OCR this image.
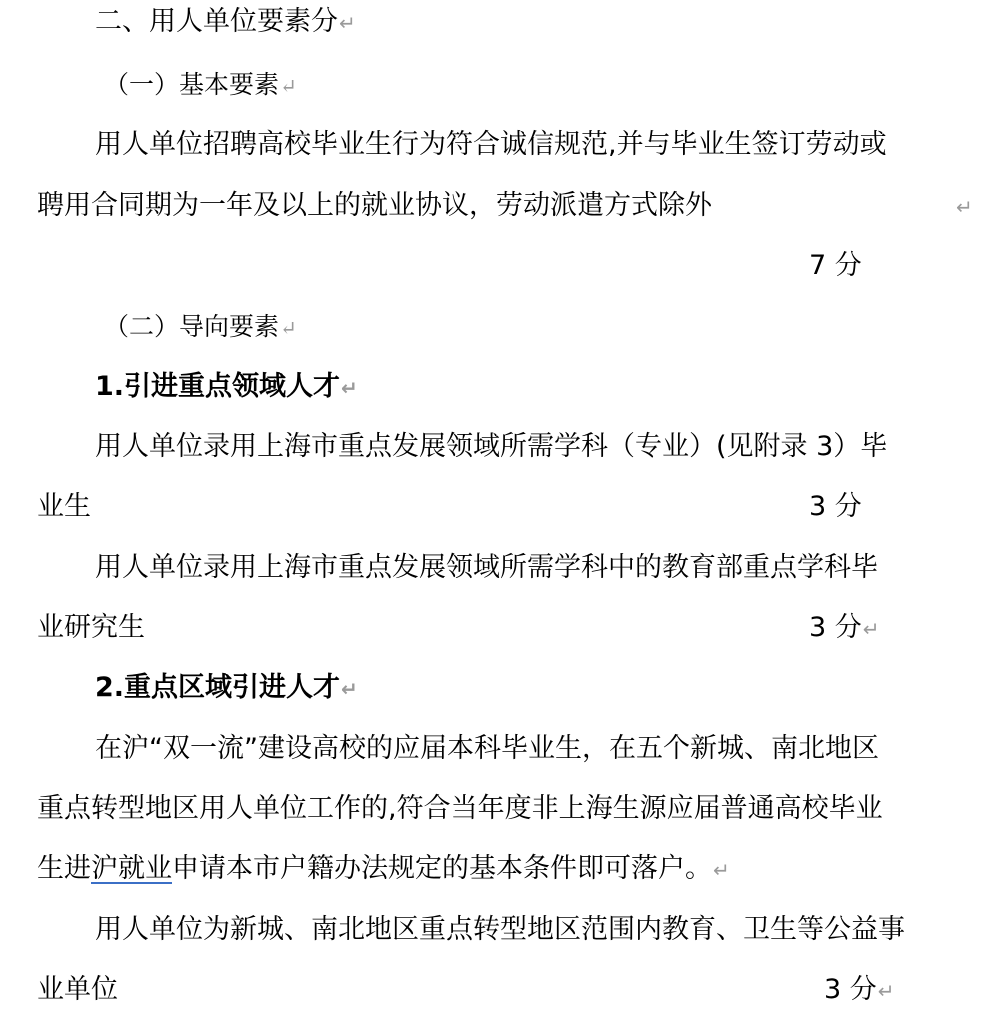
二、用人单位要素分↵
（一）基本要素↵
用人单位招聘高校毕业生行为符合诚信规范,并与毕业生签订劳动或
聘用合同期为一年及以上的就业协议，劳动派遣方式除外	↵
7 分
（二）导向要素↵
1.引进重点领域人才↵
用人单位录用上海市重点发展领域所需学科（专业）(见附录 3）毕
业生	3 分
用人单位录用上海市重点发展领域所需学科中的教育部重点学科毕
业研究生	3 分↵
2.重点区域引进人才↵
在沪“双一流”建设高校的应届本科毕业生，在五个新城、南北地区
重点转型地区用人单位工作的,符合当年度非上海生源应届普通高校毕业
生进沪就业申请本市户籍办法规定的基本条件即可落户。↵
用人单位为新城、南北地区重点转型地区范围内教育、卫生等公益事
业单位	3 分↵
